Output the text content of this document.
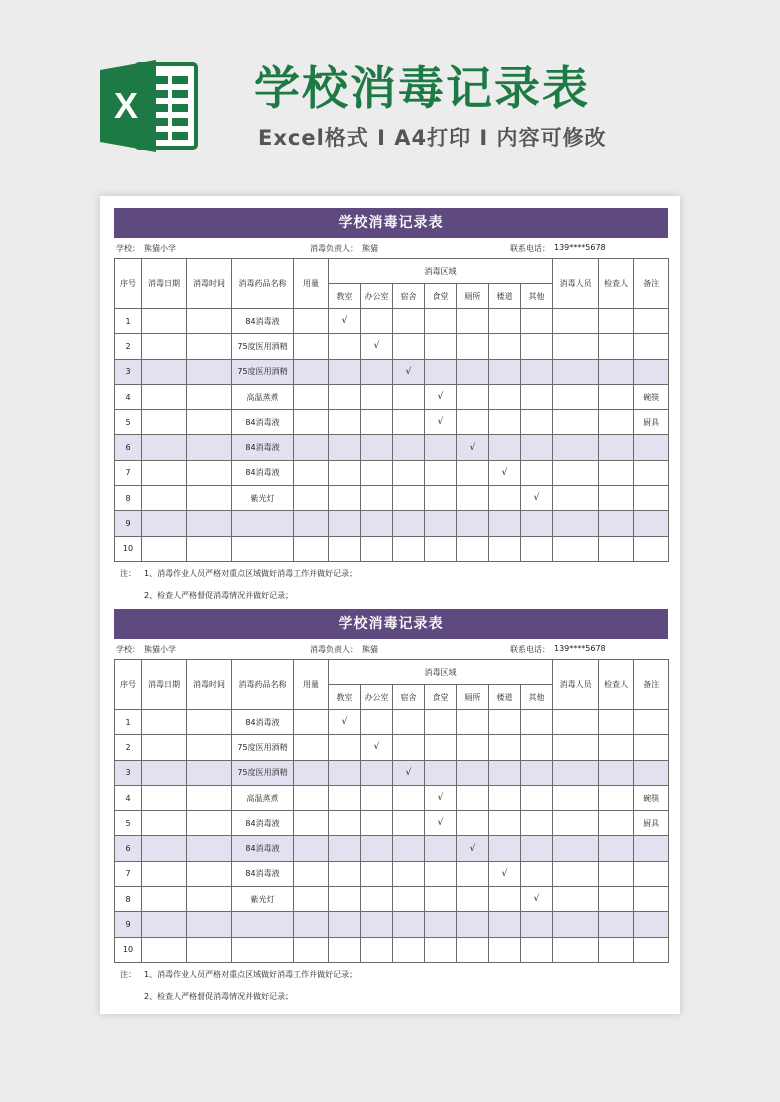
X	学校消毒记录表
Excel格式 I A4打印 I 内容可修改
学校消毒记录表
学校： 熊猫小学	消毒负责人： 熊猫	联系电话： 139****5678
序号	消毒日期	消毒时间	消毒药品名称	用量	消毒区域							消毒人员	检查人	备注
					教室	办公室	宿舍	食堂	厕所	楼道	其他			
1			84消毒液		√									
2			75度医用酒精			√								
3			75度医用酒精				√							
4			高温蒸煮					√						碗筷
5			84消毒液					√						厨具
6			84消毒液						√					
7			84消毒液							√				
8			紫光灯								√			
9														
10														
注： 1、消毒作业人员严格对重点区域做好消毒工作并做好记录；
2、检查人严格督促消毒情况并做好记录；
学校消毒记录表
学校： 熊猫小学	消毒负责人： 熊猫	联系电话： 139****5678
序号	消毒日期	消毒时间	消毒药品名称	用量	消毒区域							消毒人员	检查人	备注
					教室	办公室	宿舍	食堂	厕所	楼道	其他			
1			84消毒液		√									
2			75度医用酒精			√								
3			75度医用酒精				√							
4			高温蒸煮					√						碗筷
5			84消毒液					√						厨具
6			84消毒液						√					
7			84消毒液							√				
8			紫光灯								√			
9														
10														
注： 1、消毒作业人员严格对重点区域做好消毒工作并做好记录；
2、检查人严格督促消毒情况并做好记录；
